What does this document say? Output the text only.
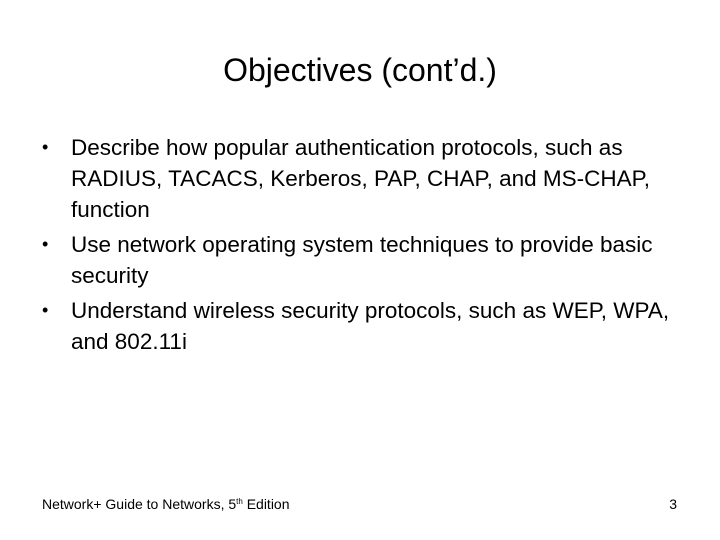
Objectives (cont’d.)
• Describe how popular authentication protocols, such as RADIUS, TACACS, Kerberos, PAP, CHAP, and MS-CHAP, function
• Use network operating system techniques to provide basic security
• Understand wireless security protocols, such as WEP, WPA, and 802.11i
Network+ Guide to Networks, 5th Edition	3
